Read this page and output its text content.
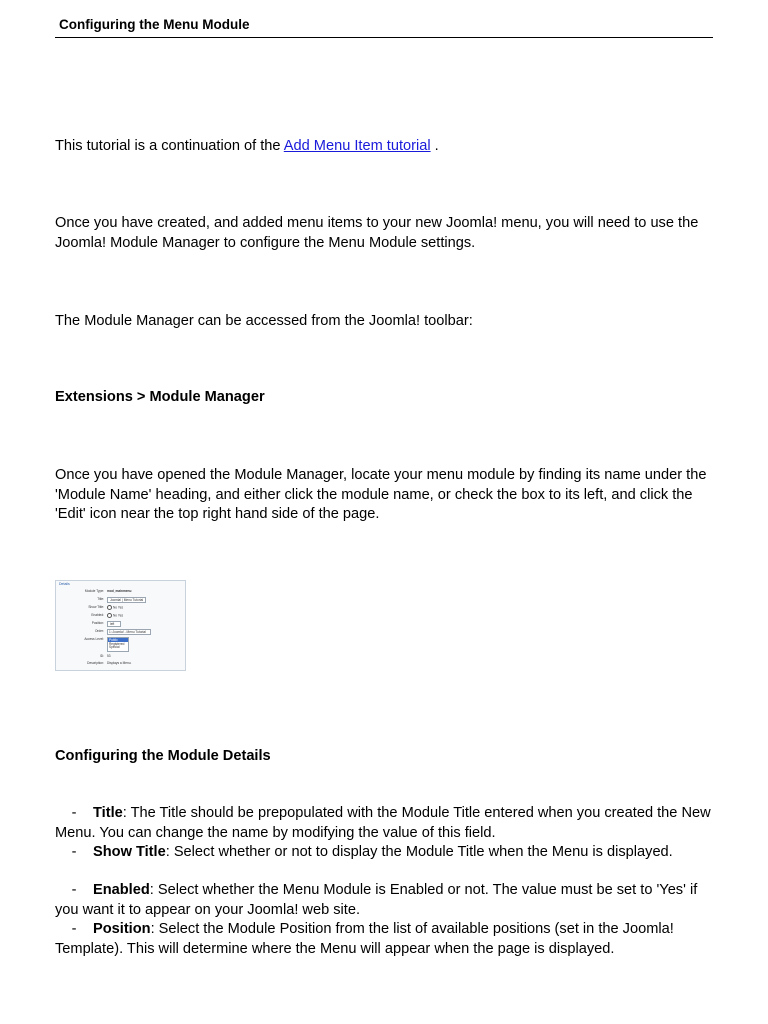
Configuring the Menu Module

This tutorial is a continuation of the Add Menu Item tutorial .

Once you have created, and added menu items to your new Joomla! menu, you will need to use the Joomla! Module Manager to configure the Menu Module settings.

The Module Manager can be accessed from the Joomla! toolbar:

Extensions > Module Manager

Once you have opened the Module Manager, locate your menu module by finding its name under the 'Module Name' heading, and either click the module name, or check the box to its left, and click the 'Edit' icon near the top right hand side of the page.

Details
Module Type: mod_mainmenu
Title:	Joomla! | Menu Tutorial
Show Title:	No Yes
Enabled:	No Yes
Position:	left
Order:	1::Joomla! - Menu Tutorial
Access Level:	Public
Registered
Special
ID: 53
Description: Displays a Menu.

Configuring the Module Details

- Title: The Title should be prepopulated with the Module Title entered when you created the New Menu. You can change the name by modifying the value of this field.

- Show Title: Select whether or not to display the Module Title when the Menu is displayed.

- Enabled: Select whether the Menu Module is Enabled or not. The value must be set to 'Yes' if you want it to appear on your Joomla! web site.

- Position: Select the Module Position from the list of available positions (set in the Joomla! Template). This will determine where the Menu will appear when the page is displayed.
